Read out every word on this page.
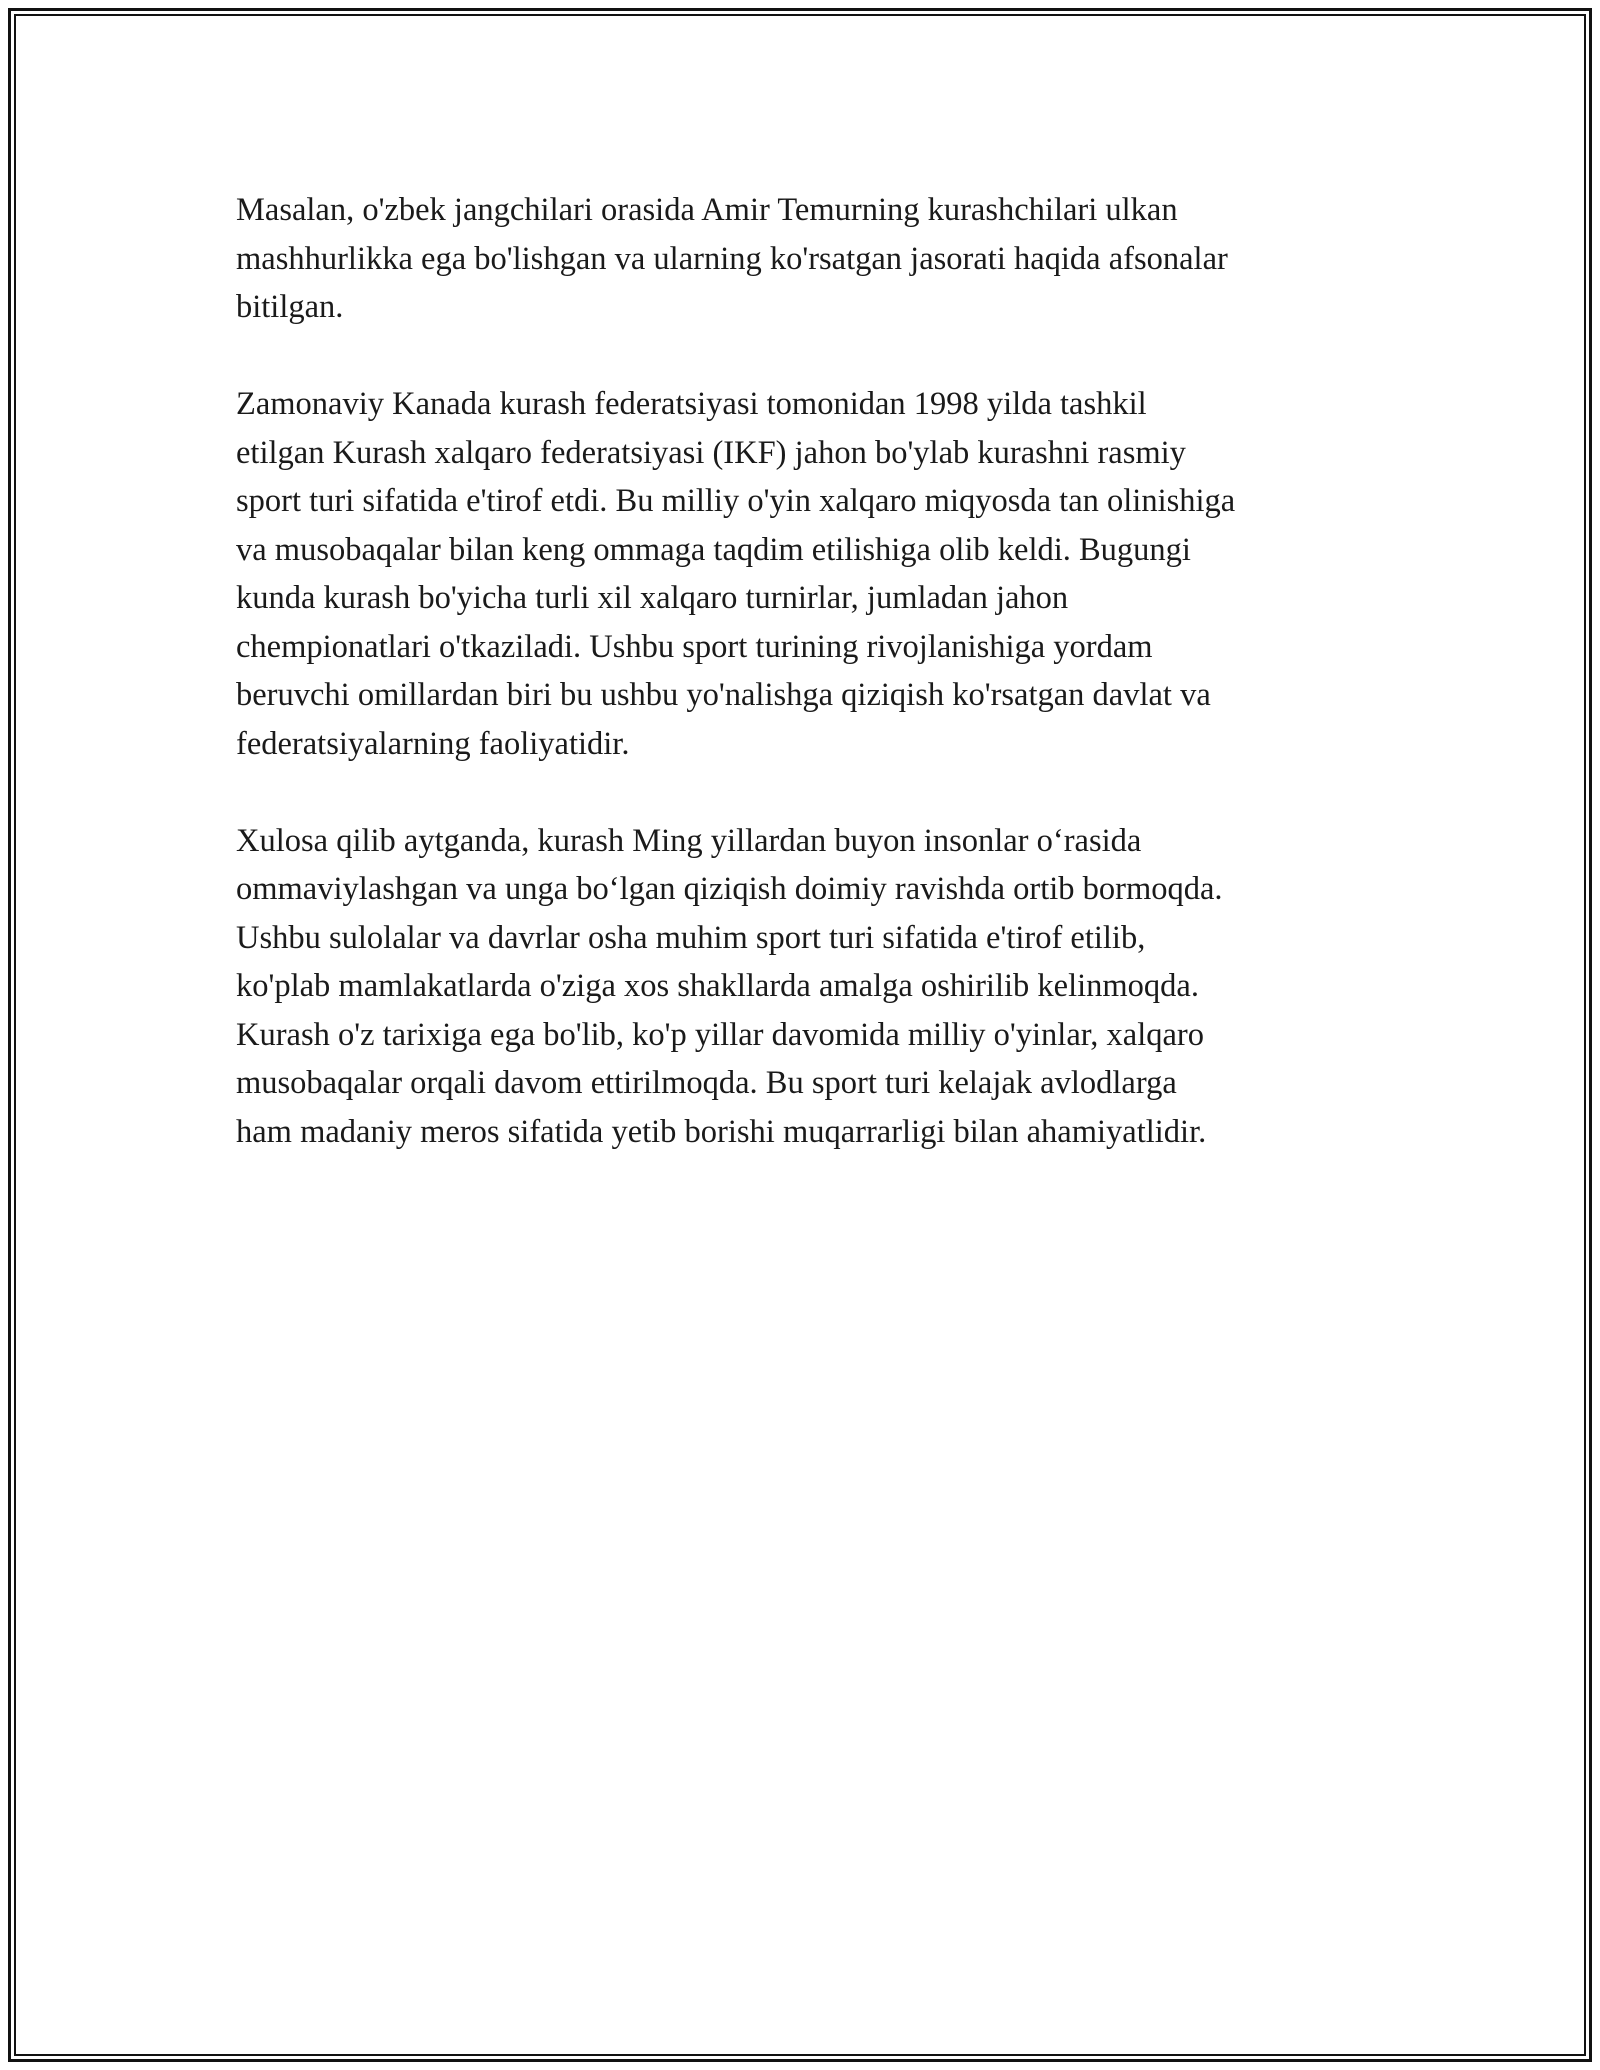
Masalan, o'zbek jangchilari orasida Amir Temurning kurashchilari ulkan
mashhurlikka ega bo'lishgan va ularning ko'rsatgan jasorati haqida afsonalar
bitilgan.

Zamonaviy Kanada kurash federatsiyasi tomonidan 1998 yilda tashkil
etilgan Kurash xalqaro federatsiyasi (IKF) jahon bo'ylab kurashni rasmiy
sport turi sifatida e'tirof etdi. Bu milliy o'yin xalqaro miqyosda tan olinishiga
va musobaqalar bilan keng ommaga taqdim etilishiga olib keldi. Bugungi
kunda kurash bo'yicha turli xil xalqaro turnirlar, jumladan jahon
chempionatlari o'tkaziladi. Ushbu sport turining rivojlanishiga yordam
beruvchi omillardan biri bu ushbu yo'nalishga qiziqish ko'rsatgan davlat va
federatsiyalarning faoliyatidir.

Xulosa qilib aytganda, kurash Ming yillardan buyon insonlar o‘rasida
ommaviylashgan va unga bo‘lgan qiziqish doimiy ravishda ortib bormoqda.
Ushbu sulolalar va davrlar osha muhim sport turi sifatida e'tirof etilib,
ko'plab mamlakatlarda o'ziga xos shakllarda amalga oshirilib kelinmoqda.
Kurash o'z tarixiga ega bo'lib, ko'p yillar davomida milliy o'yinlar, xalqaro
musobaqalar orqali davom ettirilmoqda. Bu sport turi kelajak avlodlarga
ham madaniy meros sifatida yetib borishi muqarrarligi bilan ahamiyatlidir.
